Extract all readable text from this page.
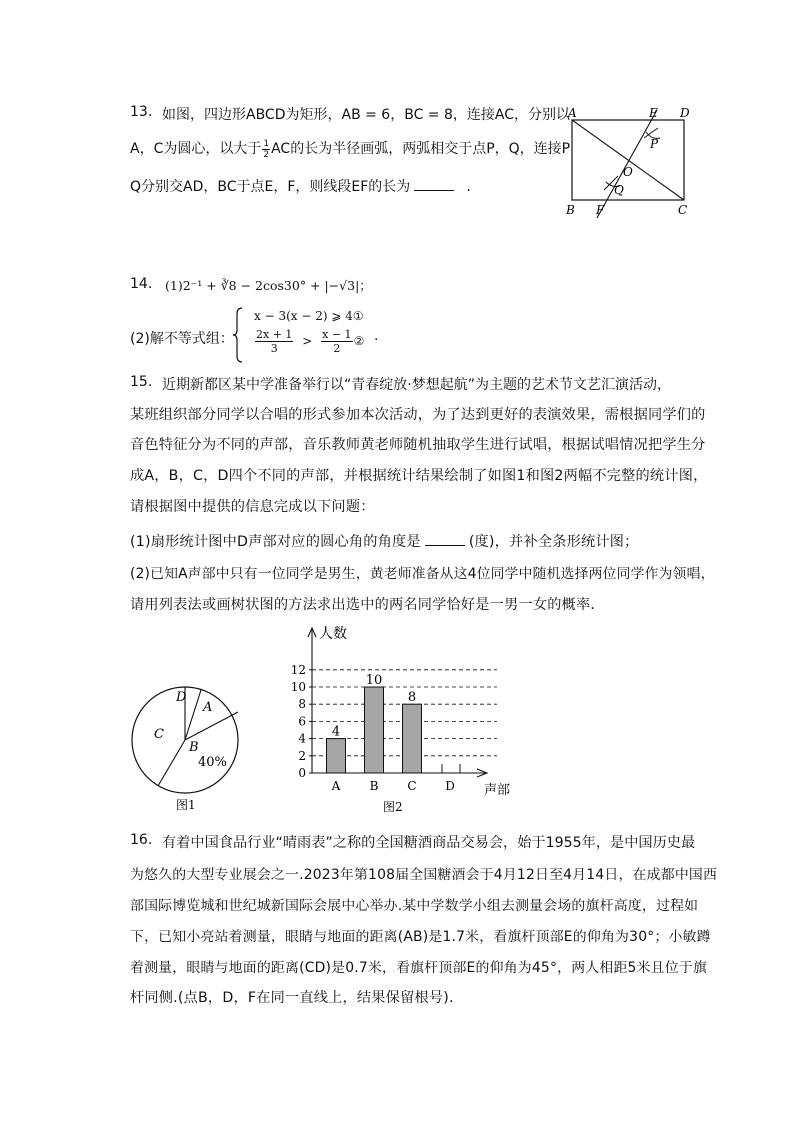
13. 如图，四边形ABCD为矩形，AB = 6，BC = 8，连接AC，分别以
A，C为圆心，以大于 $\frac{1}{2}$ AC的长为半径画弧，两弧相交于点P，Q，连接P
Q分别交AD，BC于点E，F，则线段EF的长为	.
A	E D
P
O
Q
B F	C
14. (1)2⁻¹ + ∛8 − 2cos30° + |−√3|；
(2)解不等式组：
x − 3(x − 2) ⩾ 4①
$\frac{2x + 1}{3} > \frac{x - 1}{2}$ ② .
15. 近期新都区某中学准备举行以“青春绽放·梦想起航”为主题的艺术节文艺汇演活动，
某班组织部分同学以合唱的形式参加本次活动，为了达到更好的表演效果，需根据同学们的
音色特征分为不同的声部，音乐教师黄老师随机抽取学生进行试唱，根据试唱情况把学生分
成A，B，C，D四个不同的声部，并根据统计结果绘制了如图1和图2两幅不完整的统计图，
请根据图中提供的信息完成以下问题：
(1)扇形统计图中D声部对应的圆心角的角度是	(度)，并补全条形统计图；
(2)已知A声部中只有一位同学是男生，黄老师准备从这4位同学中随机选择两位同学作为领唱，
请用列表法或画树状图的方法求出选中的两名同学恰好是一男一女的概率．
D
A
C
B
40%
图1
人数
声部
图2
0
2
4
6
8
10
12
4
A
10
B
8
C D
16. 有着中国食品行业“晴雨表”之称的全国糖酒商品交易会，始于1955年，是中国历史最
为悠久的大型专业展会之一.2023年第108届全国糖酒会于4月12日至4月14日，在成都中国西
部国际博览城和世纪城新国际会展中心举办.某中学数学小组去测量会场的旗杆高度，过程如
下，已知小亮站着测量，眼睛与地面的距离(AB)是1.7米，看旗杆顶部E的仰角为30°；小敏蹲
着测量，眼睛与地面的距离(CD)是0.7米，看旗杆顶部E的仰角为45°，两人相距5米且位于旗
杆同侧.(点B，D，F在同一直线上，结果保留根号).
